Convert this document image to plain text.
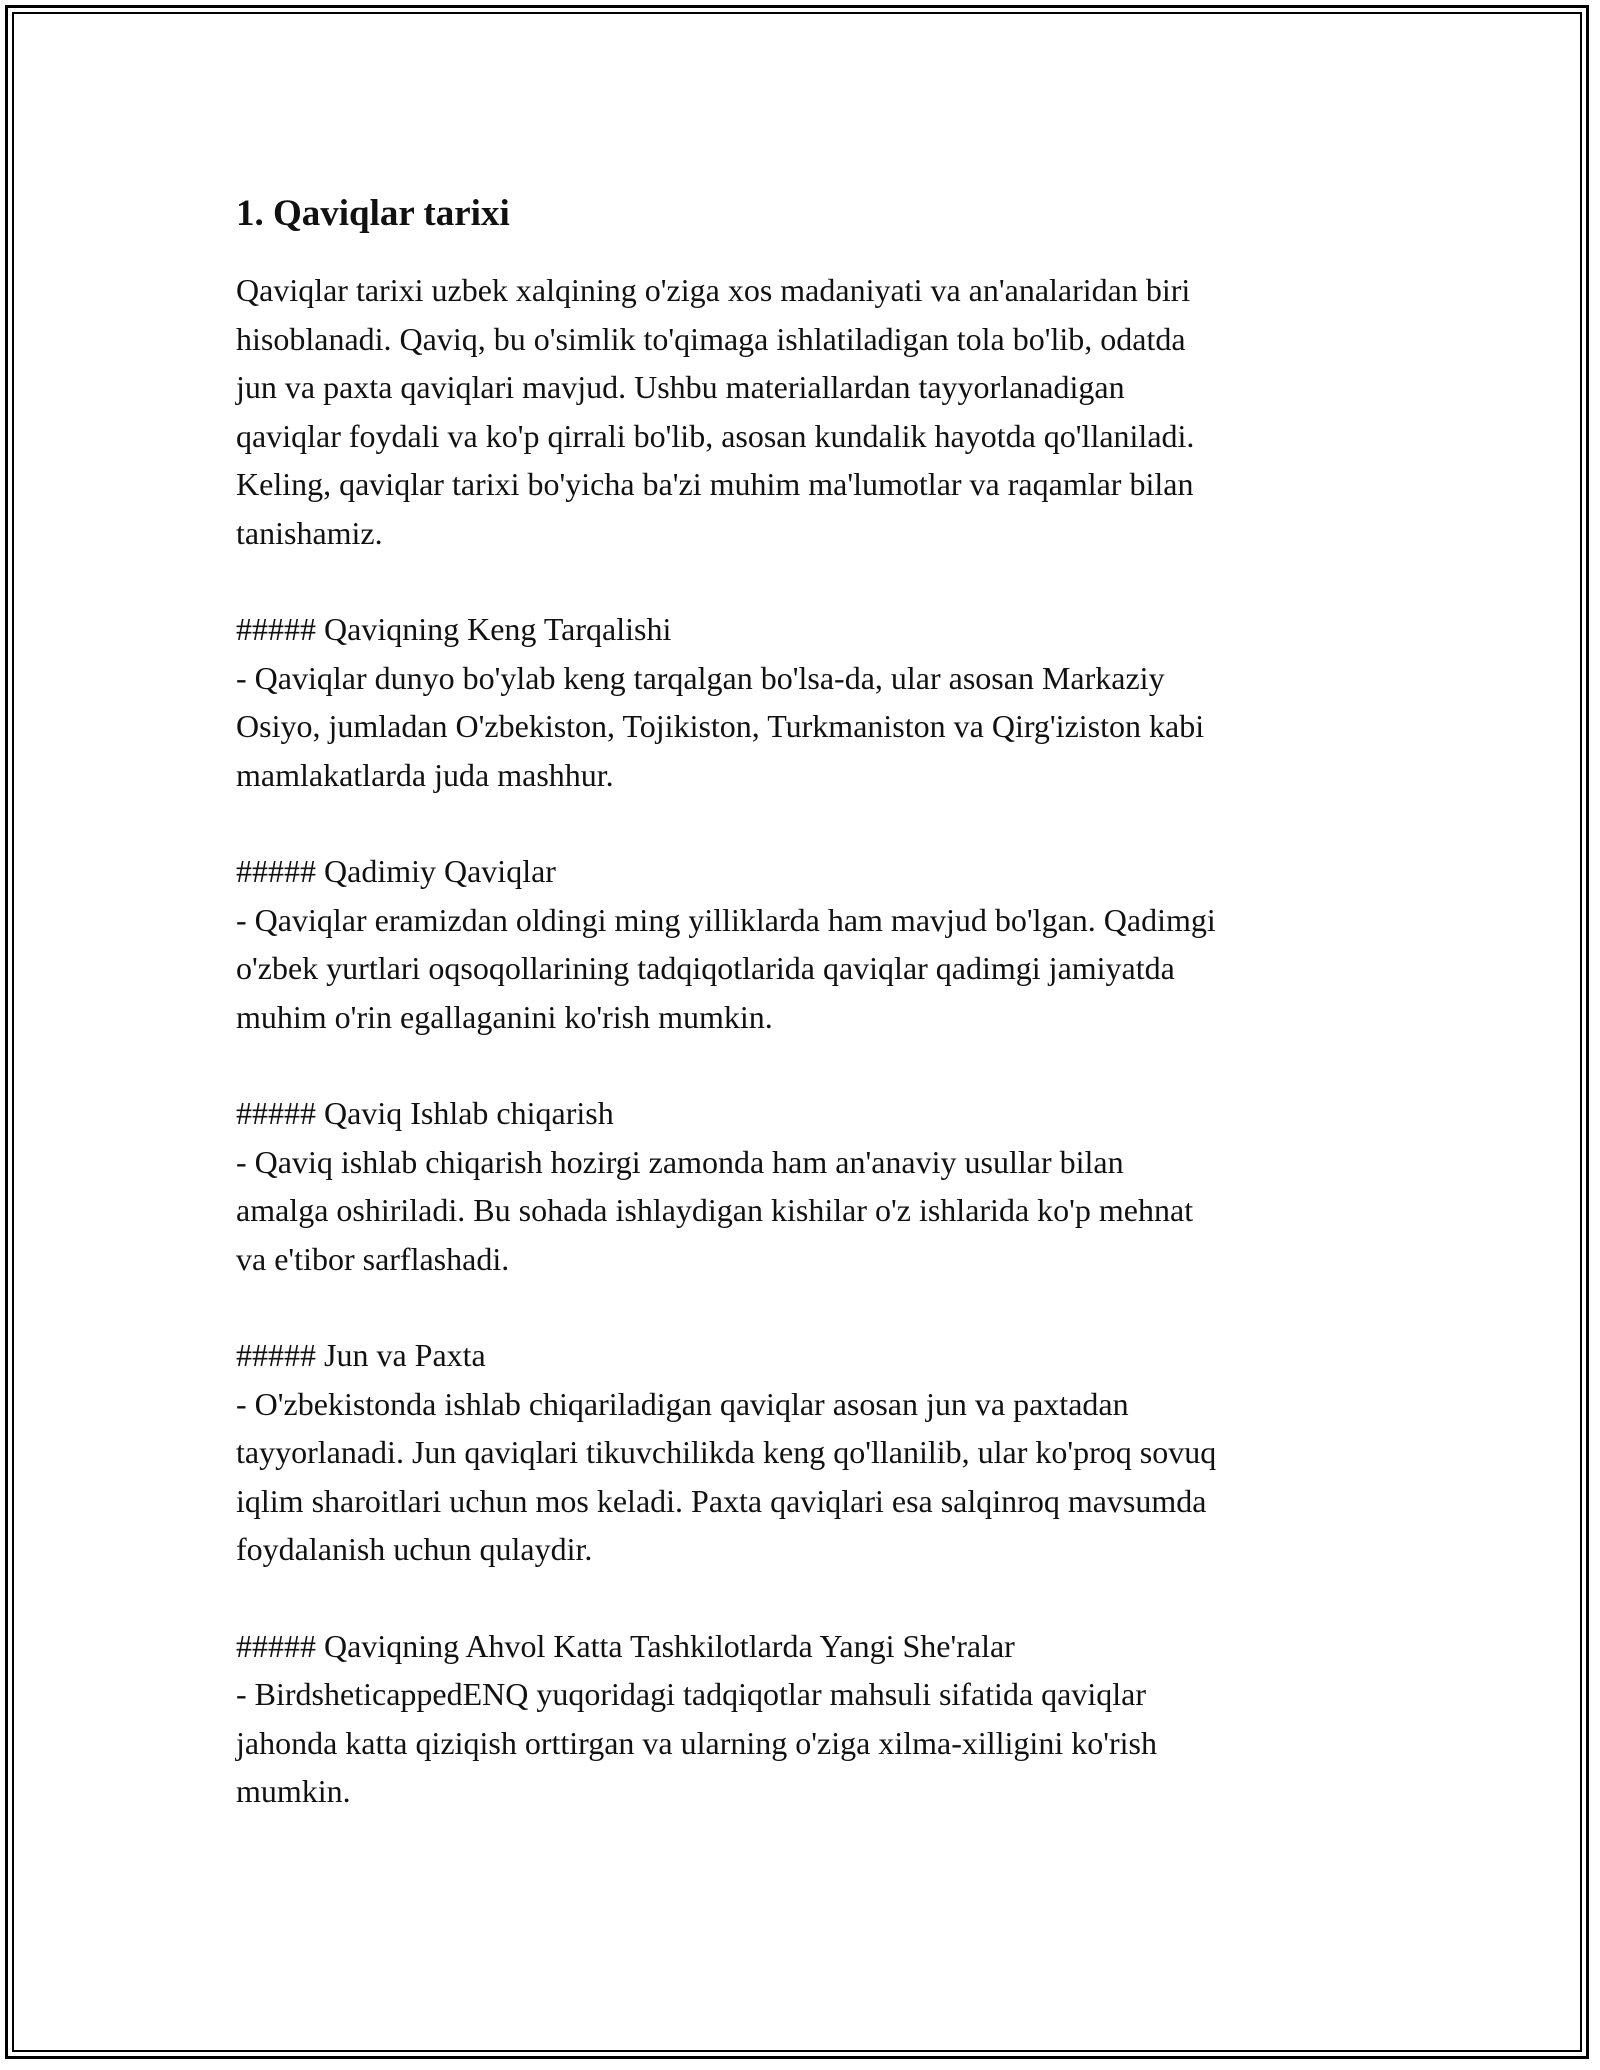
1. Qaviqlar tarixi
Qaviqlar tarixi uzbek xalqining o'ziga xos madaniyati va an'analaridan biri
hisoblanadi. Qaviq, bu o'simlik to'qimaga ishlatiladigan tola bo'lib, odatda
jun va paxta qaviqlari mavjud. Ushbu materiallardan tayyorlanadigan
qaviqlar foydali va ko'p qirrali bo'lib, asosan kundalik hayotda qo'llaniladi.
Keling, qaviqlar tarixi bo'yicha ba'zi muhim ma'lumotlar va raqamlar bilan
tanishamiz.
##### Qaviqning Keng Tarqalishi
- Qaviqlar dunyo bo'ylab keng tarqalgan bo'lsa-da, ular asosan Markaziy
Osiyo, jumladan O'zbekiston, Tojikiston, Turkmaniston va Qirg'iziston kabi
mamlakatlarda juda mashhur.
##### Qadimiy Qaviqlar
- Qaviqlar eramizdan oldingi ming yilliklarda ham mavjud bo'lgan. Qadimgi
o'zbek yurtlari oqsoqollarining tadqiqotlarida qaviqlar qadimgi jamiyatda
muhim o'rin egallaganini ko'rish mumkin.
##### Qaviq Ishlab chiqarish
- Qaviq ishlab chiqarish hozirgi zamonda ham an'anaviy usullar bilan
amalga oshiriladi. Bu sohada ishlaydigan kishilar o'z ishlarida ko'p mehnat
va e'tibor sarflashadi.
##### Jun va Paxta
- O'zbekistonda ishlab chiqariladigan qaviqlar asosan jun va paxtadan
tayyorlanadi. Jun qaviqlari tikuvchilikda keng qo'llanilib, ular ko'proq sovuq
iqlim sharoitlari uchun mos keladi. Paxta qaviqlari esa salqinroq mavsumda
foydalanish uchun qulaydir.
##### Qaviqning Ahvol Katta Tashkilotlarda Yangi She'ralar
- BirdsheticappedENQ yuqoridagi tadqiqotlar mahsuli sifatida qaviqlar
jahonda katta qiziqish orttirgan va ularning o'ziga xilma-xilligini ko'rish
mumkin.
